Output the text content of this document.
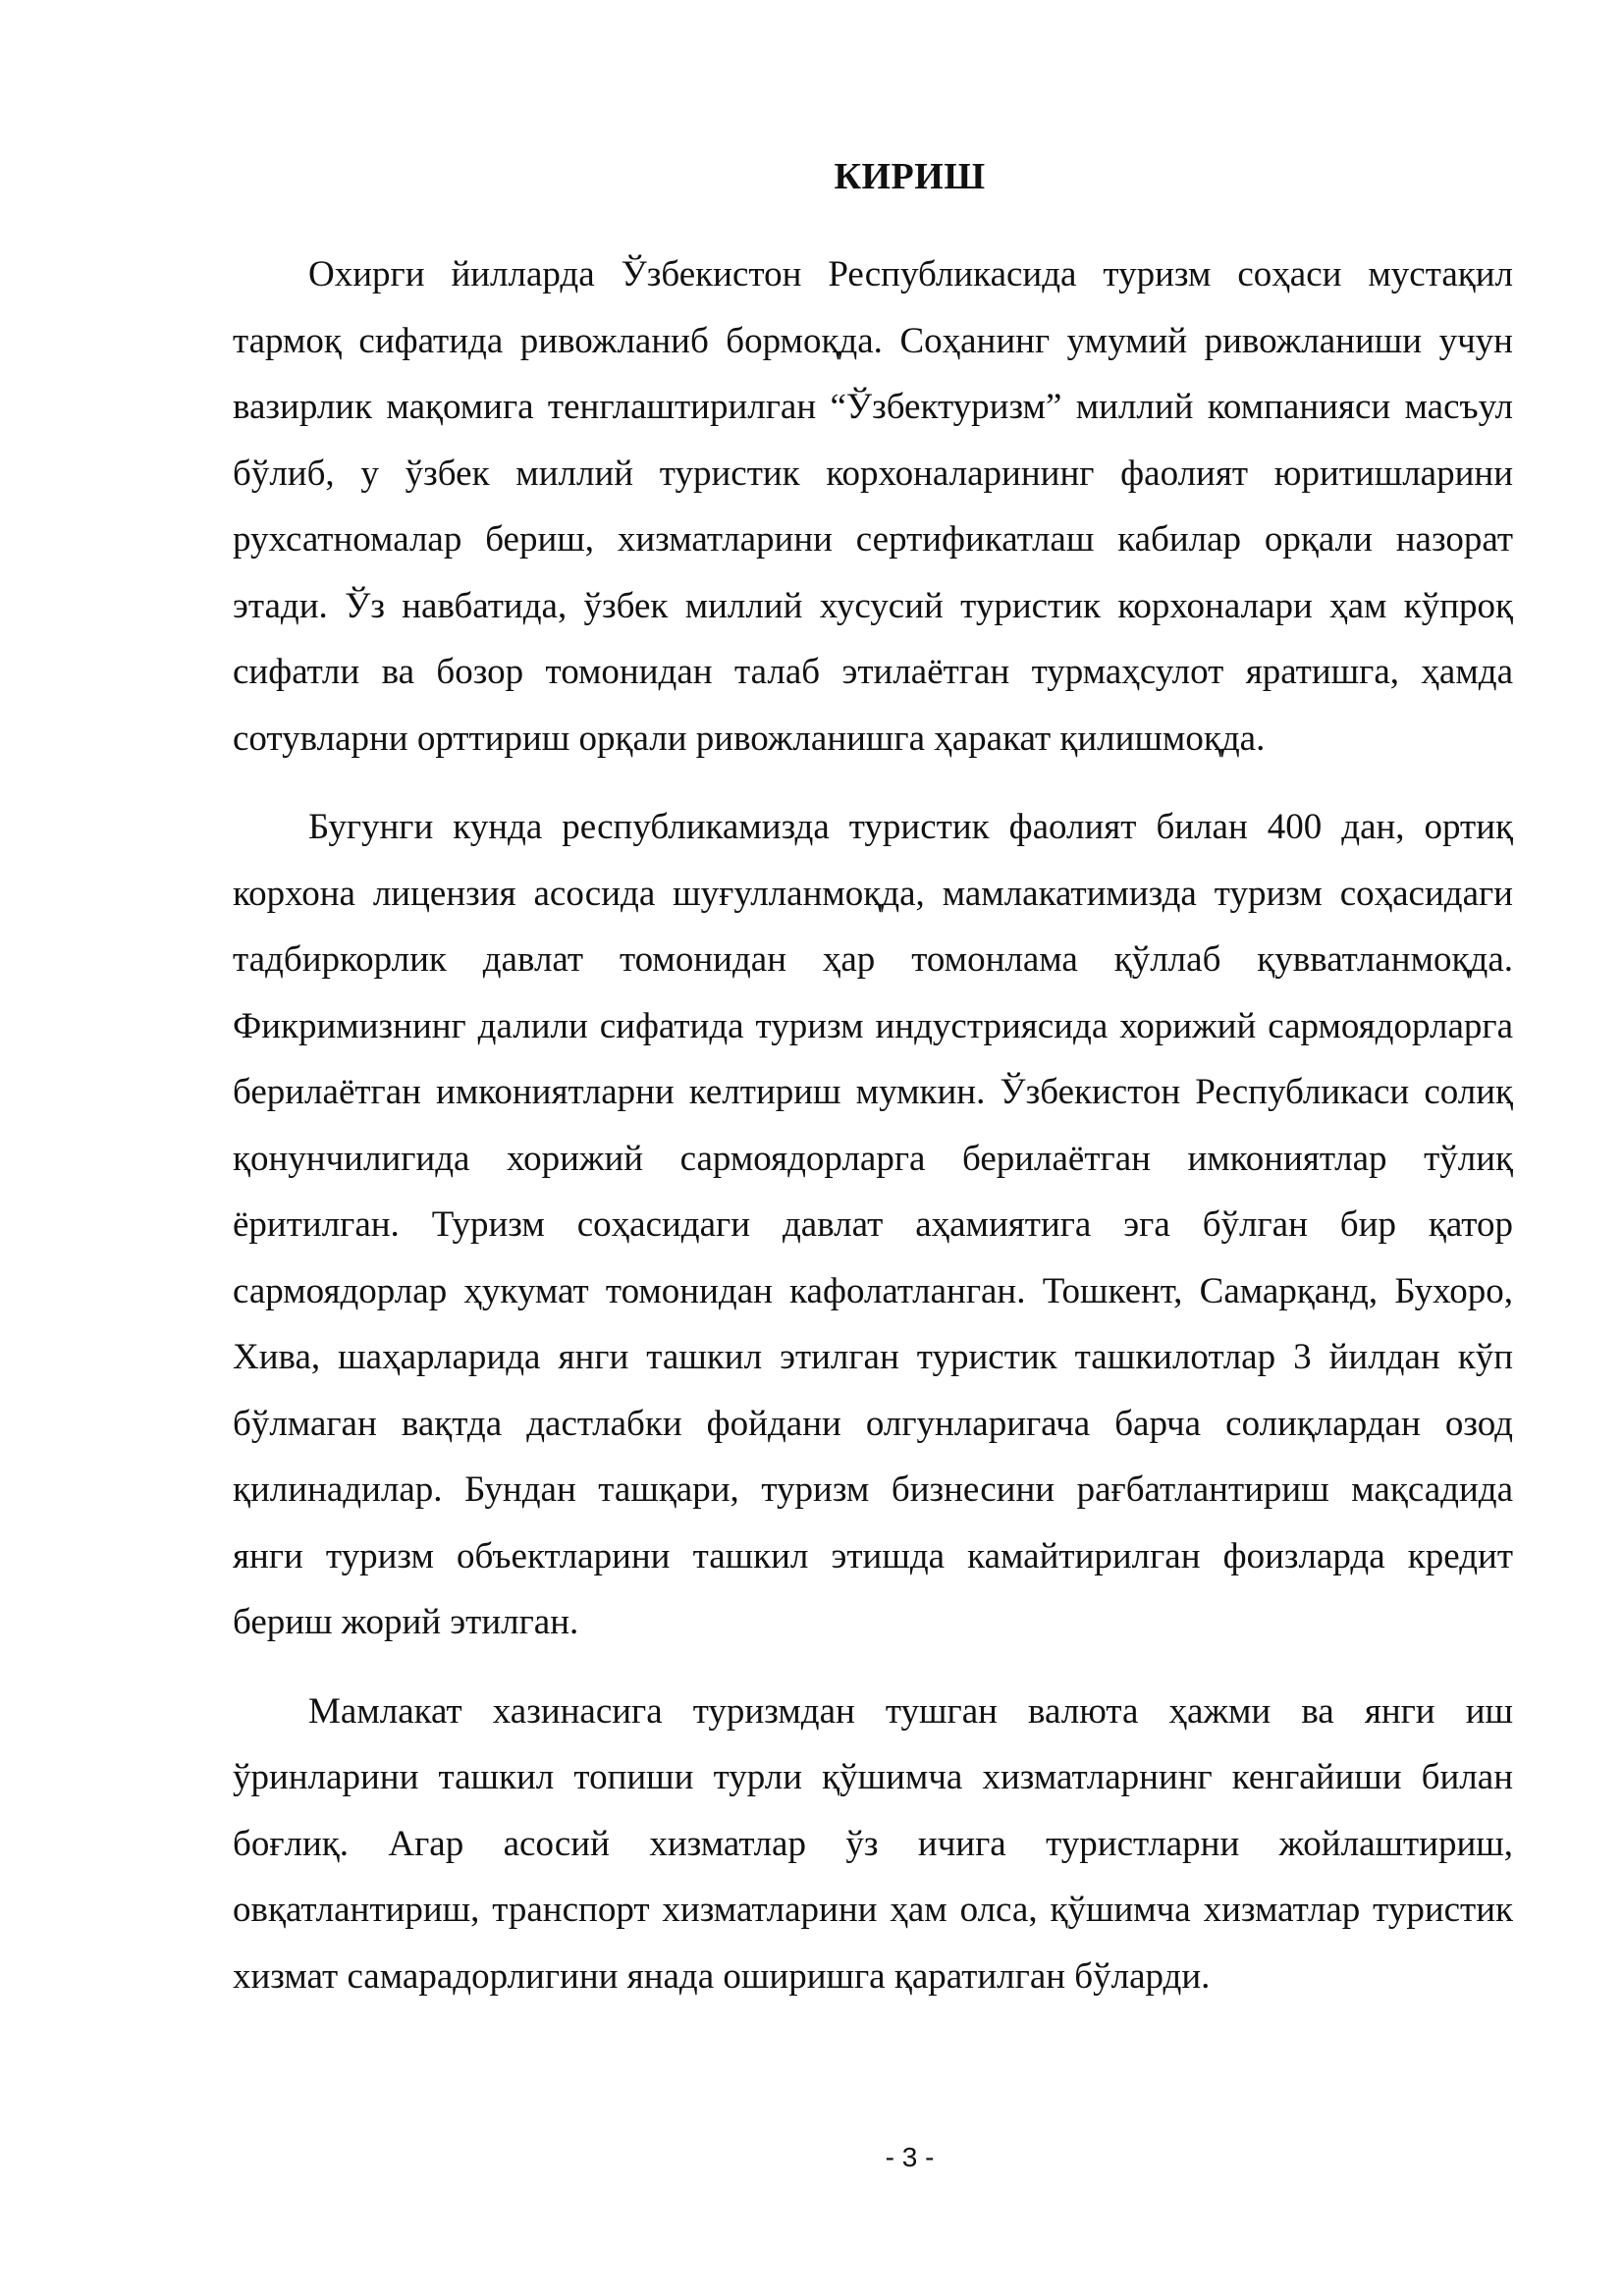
КИРИШ

Охирги йилларда Ўзбекистон Республикасида туризм соҳаси мустақил тармоқ сифатида ривожланиб бормоқда. Соҳанинг умумий ривожланиши учун вазирлик мақомига тенглаштирилган “Ўзбектуризм” миллий компанияси масъул бўлиб, у ўзбек миллий туристик корхоналарининг фаолият юритишларини рухсатномалар бериш, хизматларини сертификатлаш кабилар орқали назорат этади. Ўз навбатида, ўзбек миллий хусусий туристик корхоналари ҳам кўпроқ сифатли ва бозор томонидан талаб этилаётган турмаҳсулот яратишга, ҳамда сотувларни орттириш орқали ривожланишга ҳаракат қилишмоқда.

Бугунги кунда республикамизда туристик фаолият билан 400 дан, ортиқ корхона лицензия асосида шуғулланмоқда, мамлакатимизда туризм соҳасидаги тадбиркорлик давлат томонидан ҳар томонлама қўллаб қувватланмоқда. Фикримизнинг далили сифатида туризм индустриясида хорижий сармоядорларга берилаётган имкониятларни келтириш мумкин. Ўзбекистон Республикаси солиқ қонунчилигида хорижий сармоядорларга берилаётган имкониятлар тўлиқ ёритилган. Туризм соҳасидаги давлат аҳамиятига эга бўлган бир қатор сармоядорлар ҳукумат томонидан кафолатланган. Тошкент, Самарқанд, Бухоро, Хива, шаҳарларида янги ташкил этилган туристик ташкилотлар 3 йилдан кўп бўлмаган вақтда дастлабки фойдани олгунларигача барча солиқлардан озод қилинадилар. Бундан ташқари, туризм бизнесини рағбатлантириш мақсадида янги туризм объектларини ташкил этишда камайтирилган фоизларда кредит бериш жорий этилган.

Мамлакат хазинасига туризмдан тушган валюта ҳажми ва янги иш ўринларини ташкил топиши турли қўшимча хизматларнинг кенгайиши билан боғлиқ. Агар асосий хизматлар ўз ичига туристларни жойлаштириш, овқатлантириш, транспорт хизматларини ҳам олса, қўшимча хизматлар туристик хизмат самарадорлигини янада оширишга қаратилган бўларди.

- 3 -
